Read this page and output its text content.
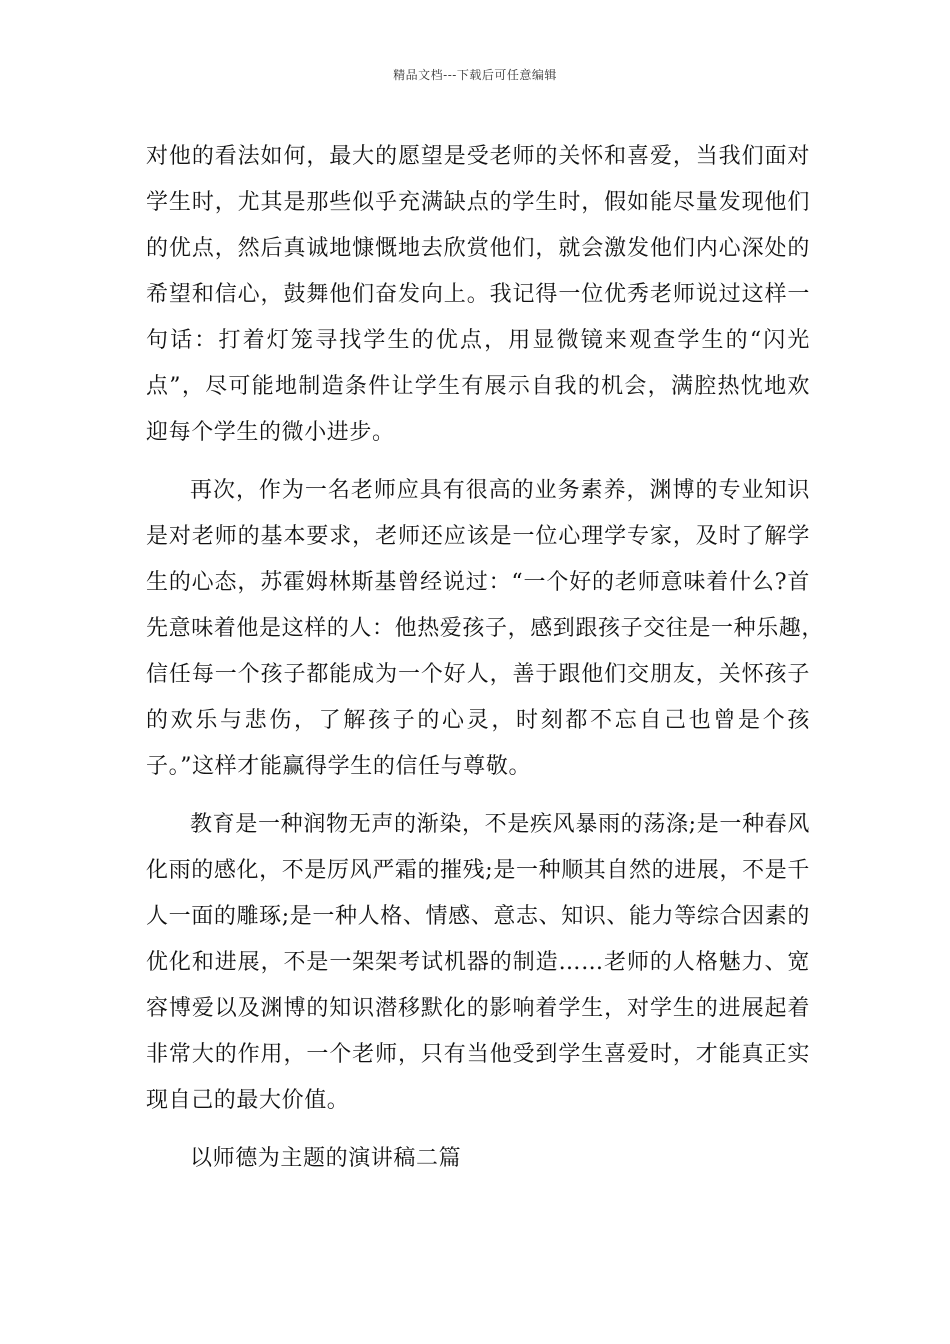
精品文档---下载后可任意编辑
对他的看法如何，最大的愿望是受老师的关怀和喜爱，当我们面对
学生时，尤其是那些似乎充满缺点的学生时，假如能尽量发现他们
的优点，然后真诚地慷慨地去欣赏他们，就会激发他们内心深处的
希望和信心，鼓舞他们奋发向上。我记得一位优秀老师说过这样一
句话：打着灯笼寻找学生的优点，用显微镜来观查学生的“闪光
点”，尽可能地制造条件让学生有展示自我的机会，满腔热忱地欢
迎每个学生的微小进步。
再次，作为一名老师应具有很高的业务素养，渊博的专业知识
是对老师的基本要求，老师还应该是一位心理学专家，及时了解学
生的心态，苏霍姆林斯基曾经说过：“一个好的老师意味着什么?首
先意味着他是这样的人：他热爱孩子，感到跟孩子交往是一种乐趣，
信任每一个孩子都能成为一个好人，善于跟他们交朋友，关怀孩子
的欢乐与悲伤，了解孩子的心灵，时刻都不忘自己也曾是个孩
子。”这样才能赢得学生的信任与尊敬。
教育是一种润物无声的渐染，不是疾风暴雨的荡涤;是一种春风
化雨的感化，不是厉风严霜的摧残;是一种顺其自然的进展，不是千
人一面的雕琢;是一种人格、情感、意志、知识、能力等综合因素的
优化和进展，不是一架架考试机器的制造……老师的人格魅力、宽
容博爱以及渊博的知识潜移默化的影响着学生，对学生的进展起着
非常大的作用，一个老师，只有当他受到学生喜爱时，才能真正实
现自己的最大价值。
以师德为主题的演讲稿二篇
